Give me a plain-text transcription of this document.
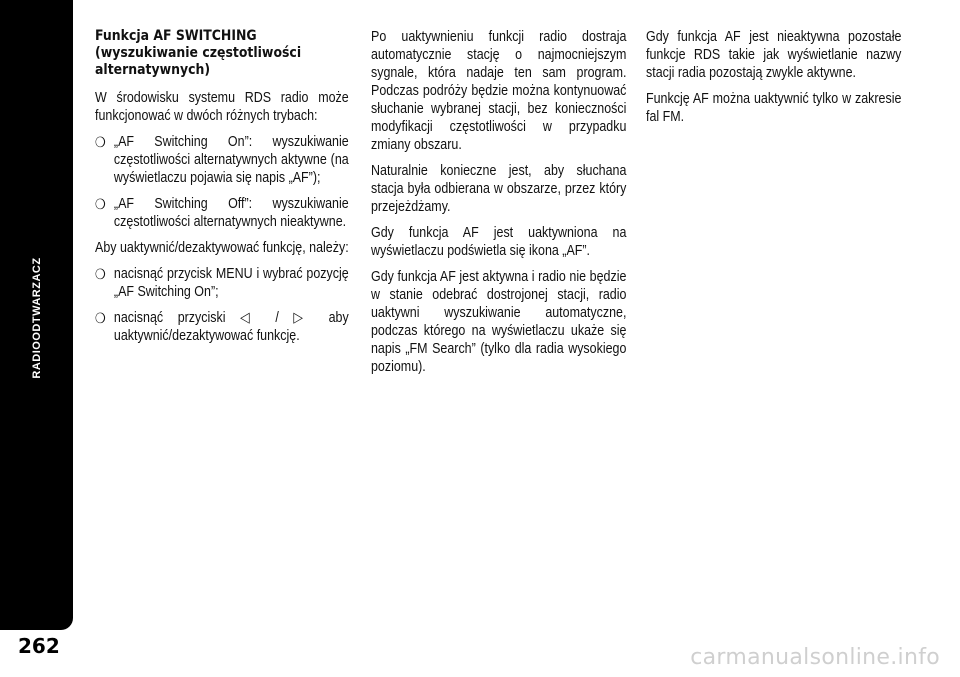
RADIOODTWARZACZ
262
Funkcja AF SWITCHING (wyszukiwanie częstotliwości alternatywnych)

W środowisku systemu RDS radio może funkcjonować w dwóch różnych trybach:

❍ „AF Switching On”: wyszukiwanie częstotliwości alternatywnych aktywne (na wyświetlaczu pojawia się napis „AF”);
❍ „AF Switching Off”: wyszukiwanie częstotliwości alternatywnych nieaktywne.

Aby uaktywnić/dezaktywować funkcję, należy:

❍ nacisnąć przycisk MENU i wybrać pozycję „AF Switching On”;
❍ nacisnąć przyciski ◁ / ▷ aby uaktywnić/dezaktywować funkcję.

Po uaktywnieniu funkcji radio dostraja automatycznie stację o najmocniejszym sygnale, która nadaje ten sam program. Podczas podróży będzie można kontynuować słuchanie wybranej stacji, bez konieczności modyfikacji częstotliwości w przypadku zmiany obszaru.

Naturalnie konieczne jest, aby słuchana stacja była odbierana w obszarze, przez który przejeżdżamy.

Gdy funkcja AF jest uaktywniona na wyświetlaczu podświetla się ikona „AF”.

Gdy funkcja AF jest aktywna i radio nie będzie w stanie odebrać dostrojonej stacji, radio uaktywni wyszukiwanie automatyczne, podczas którego na wyświetlaczu ukaże się napis „FM Search” (tylko dla radia wysokiego poziomu).

Gdy funkcja AF jest nieaktywna pozostałe funkcje RDS takie jak wyświetlanie nazwy stacji radia pozostają zwykle aktywne.

Funkcję AF można uaktywnić tylko w zakresie fal FM.

carmanualsonline.info
